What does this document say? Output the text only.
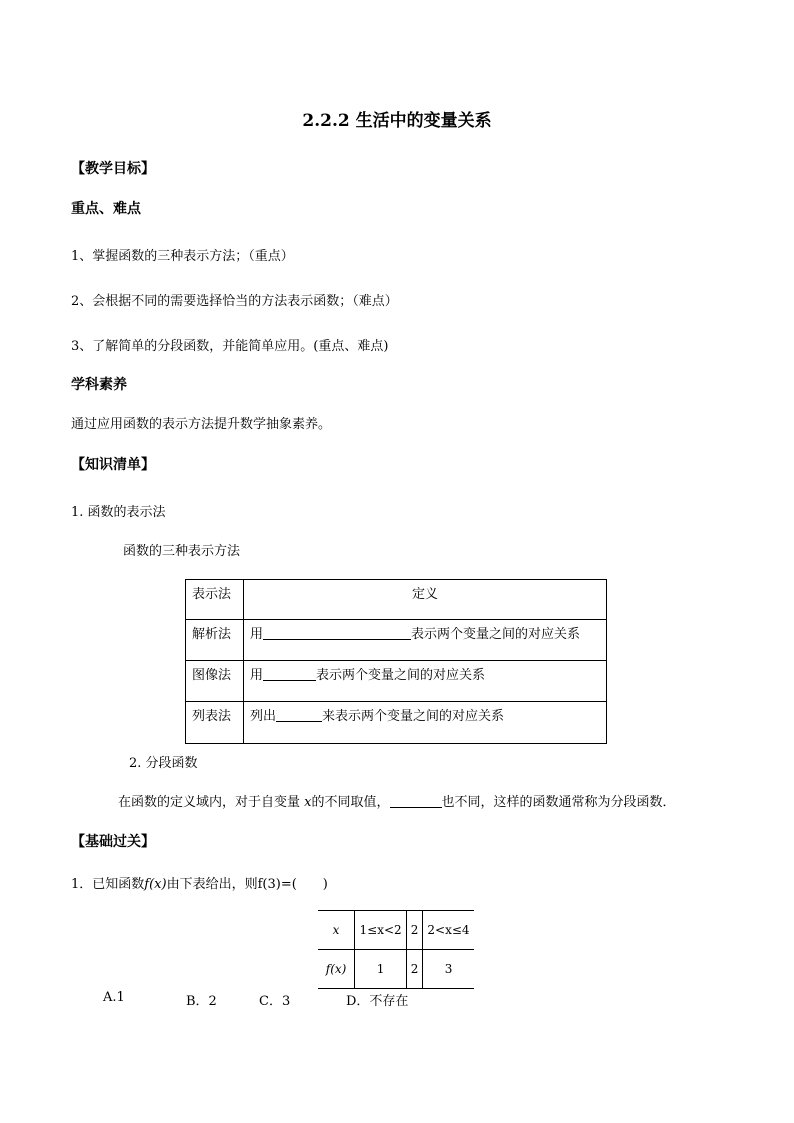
2.2.2 生活中的变量关系
【教学目标】
重点、难点
1、掌握函数的三种表示方法；（重点）
2、会根据不同的需要选择恰当的方法表示函数；（难点）
3、了解简单的分段函数，并能简单应用。(重点、难点)
学科素养
通过应用函数的表示方法提升数学抽象素养。
【知识清单】
1. 函数的表示法
函数的三种表示方法
表示法	定义
解析法	用 表示两个变量之间的对应关系
图像法	用 表示两个变量之间的对应关系
列表法	列出 来表示两个变量之间的对应关系
2. 分段函数
在函数的定义域内，对于自变量 x的不同取值，	也不同，这样的函数通常称为分段函数．
【基础过关】
1．已知函数f(x)由下表给出，则f(3)=(　　)
x	1≤x<2	2	2<x≤4
f(x)	1	2	3
A.1	B．2	C．3	D．不存在
